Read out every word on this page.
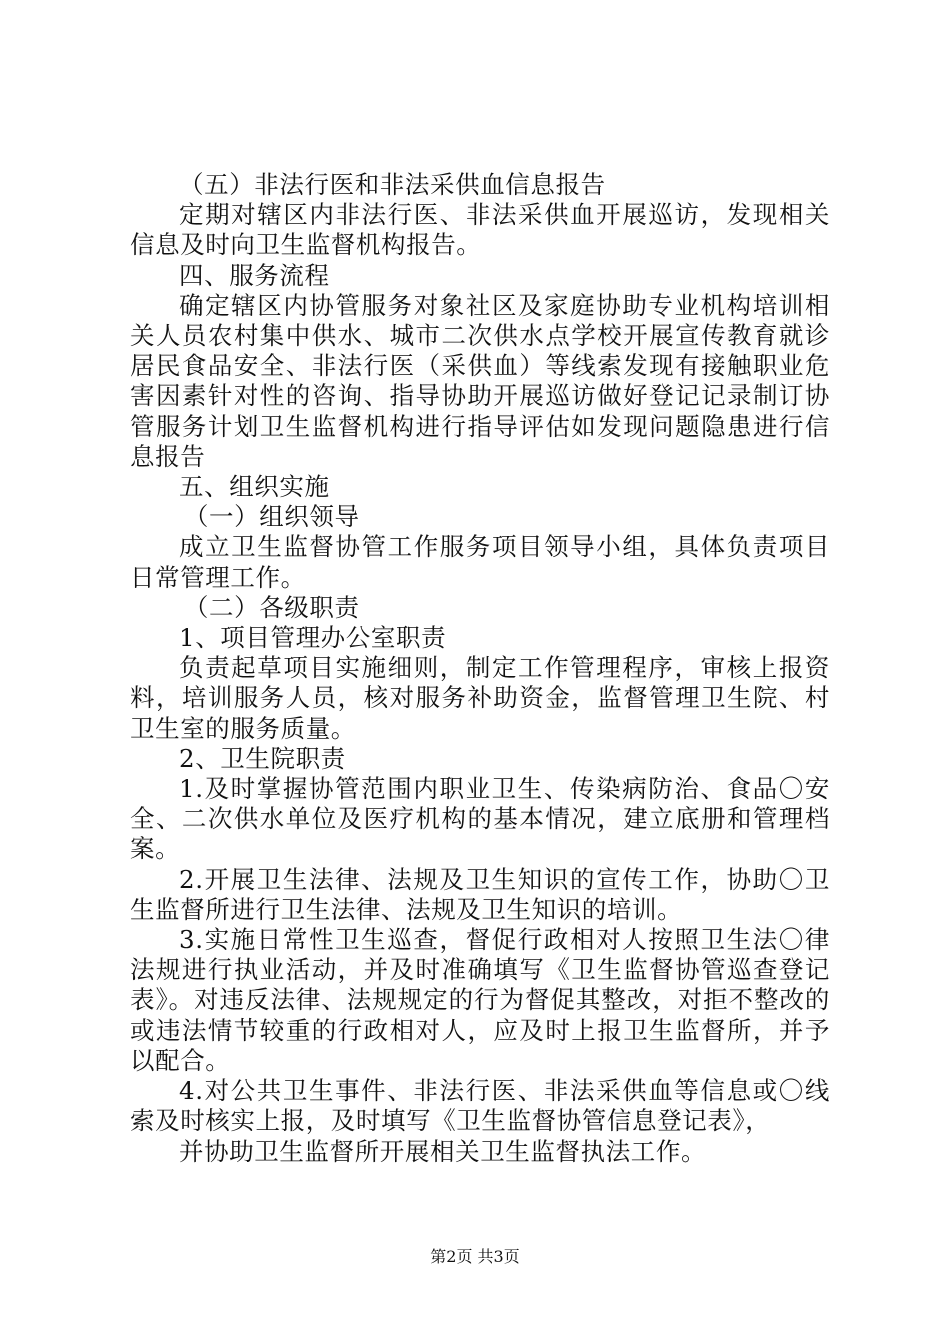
（五）非法行医和非法采供血信息报告

定期对辖区内非法行医、非法采供血开展巡访，发现相关信息及时向卫生监督机构报告。

四、服务流程

确定辖区内协管服务对象社区及家庭协助专业机构培训相关人员农村集中供水、城市二次供水点学校开展宣传教育就诊居民食品安全、非法行医（采供血）等线索发现有接触职业危害因素针对性的咨询、指导协助开展巡访做好登记记录制订协管服务计划卫生监督机构进行指导评估如发现问题隐患进行信息报告

五、组织实施

（一）组织领导

成立卫生监督协管工作服务项目领导小组，具体负责项目日常管理工作。

（二）各级职责

1、项目管理办公室职责

负责起草项目实施细则，制定工作管理程序，审核上报资料，培训服务人员，核对服务补助资金，监督管理卫生院、村卫生室的服务质量。

2、卫生院职责

1.及时掌握协管范围内职业卫生、传染病防治、食品〇安全、二次供水单位及医疗机构的基本情况，建立底册和管理档案。

2.开展卫生法律、法规及卫生知识的宣传工作，协助〇卫生监督所进行卫生法律、法规及卫生知识的培训。

3.实施日常性卫生巡查，督促行政相对人按照卫生法〇律法规进行执业活动，并及时准确填写《卫生监督协管巡查登记表》。对违反法律、法规规定的行为督促其整改，对拒不整改的或违法情节较重的行政相对人，应及时上报卫生监督所，并予以配合。

4.对公共卫生事件、非法行医、非法采供血等信息或〇线索及时核实上报，及时填写《卫生监督协管信息登记表》，

并协助卫生监督所开展相关卫生监督执法工作。

第2页 共3页
